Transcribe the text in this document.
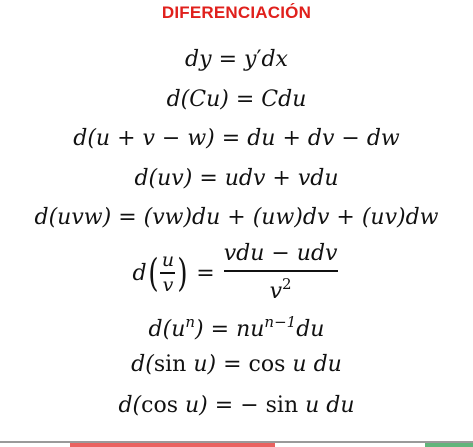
DIFERENCIACIÓN
dy = y′dx
d(Cu) = Cdu
d(u + v − w) = du + dv − dw
d(uv) = udv + vdu
d(uvw) = (vw)du + (uw)dv + (uv)dw
d ( $\frac{u}{v}$ ) = $\frac{\text{vdu − udv}}{v^2}$
$d(u^n) = nu^{n-1}du$
d(sin u) = cos u du
d(cos u) = − sin u du
